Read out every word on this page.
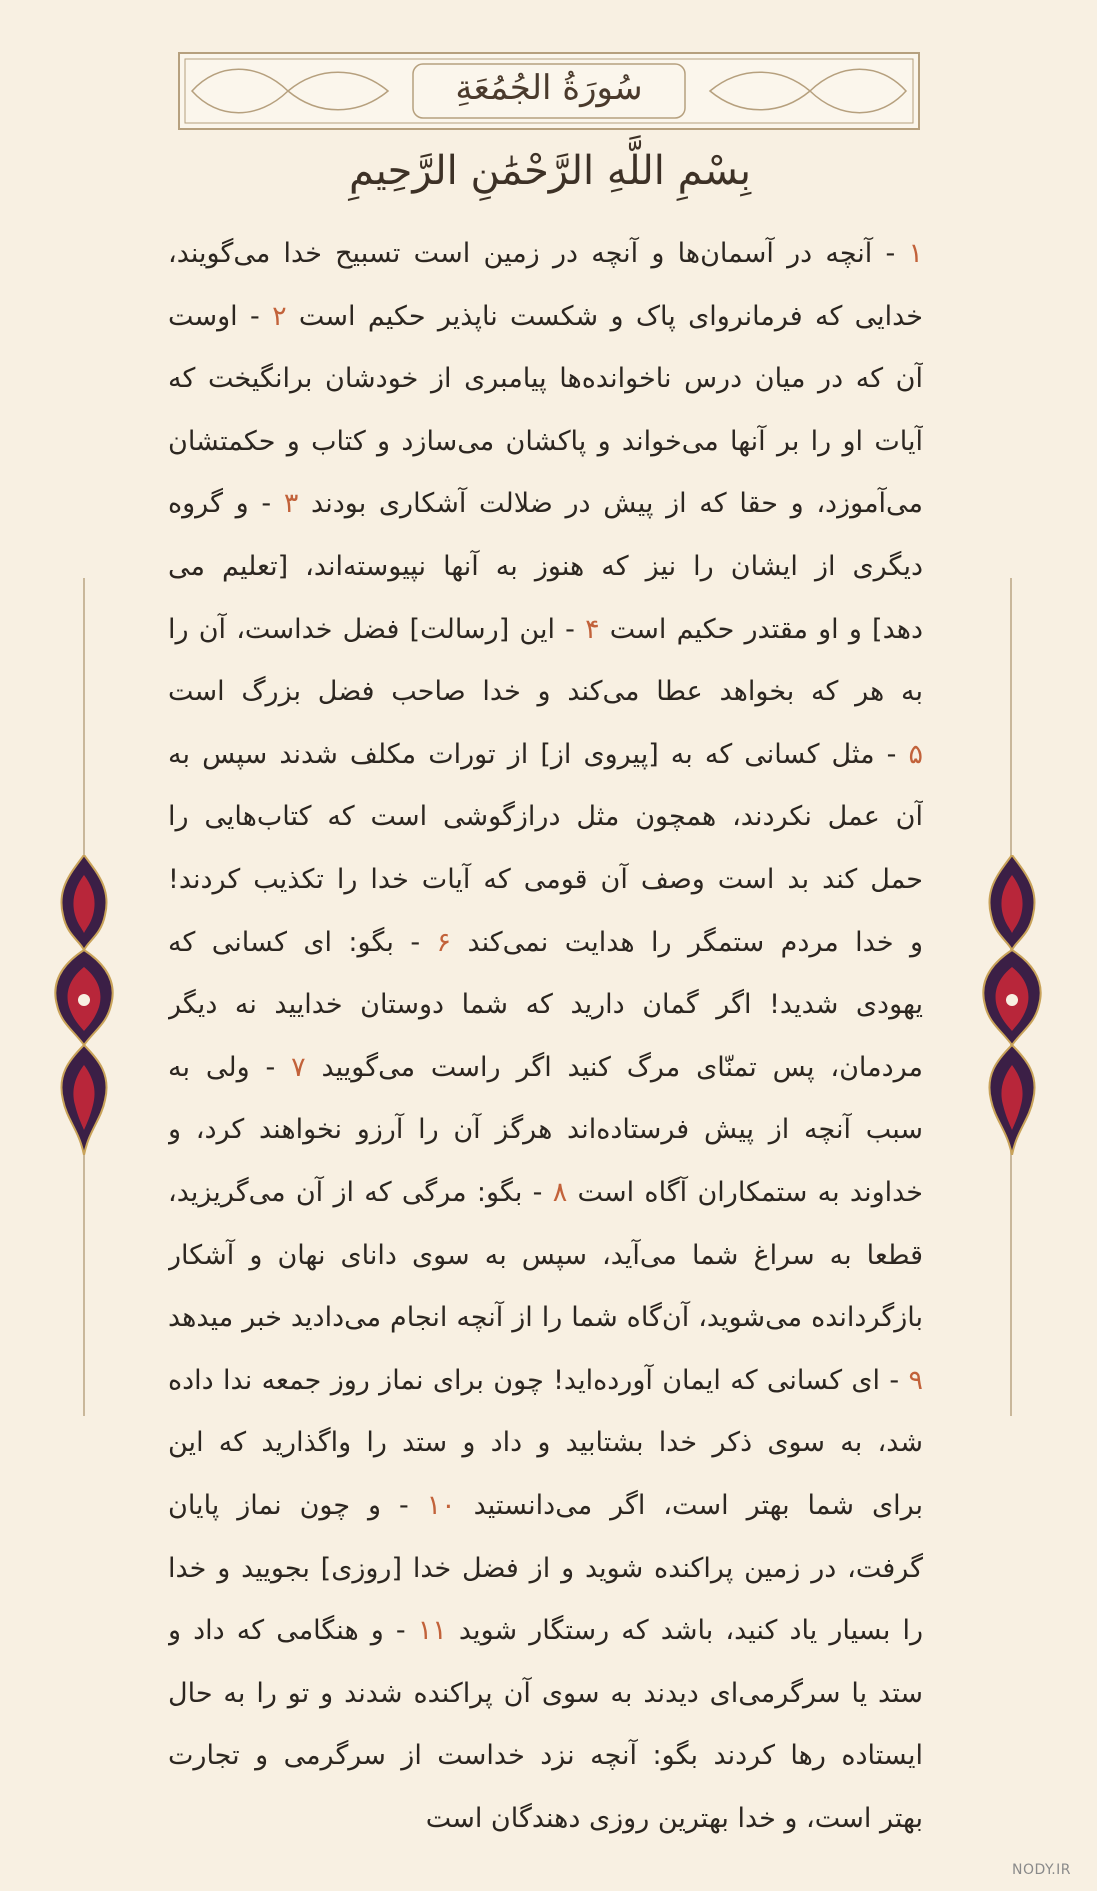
سُورَةُ الجُمُعَةِ
بِسْمِ اللَّهِ الرَّحْمَٰنِ الرَّحِيمِ
۱ - آنچه در آسمان‌ها و آنچه در زمین است تسبیح خدا می‌گویند،
خدایی که فرمانروای پاک و شکست ناپذیر حکیم است ۲ - اوست
آن که در میان درس ناخوانده‌ها پیامبری از خودشان برانگیخت که
آیات او را بر آنها می‌خواند و پاکشان می‌سازد و کتاب و حکمتشان
می‌آموزد، و حقا که از پیش در ضلالت آشکاری بودند ۳ - و گروه
دیگری از ایشان را نیز که هنوز به آنها نپیوسته‌اند، [تعلیم می
دهد] و او مقتدر حکیم است ۴ - این [رسالت] فضل خداست، آن را
به هر که بخواهد عطا می‌کند و خدا صاحب فضل بزرگ است
۵ - مثل کسانی که به [پیروی از] از تورات مکلف شدند سپس به
آن عمل نکردند، همچون مثل درازگوشی است که کتاب‌هایی را
حمل کند بد است وصف آن قومی که آیات خدا را تکذیب کردند!
و خدا مردم ستمگر را هدایت نمی‌کند ۶ - بگو: ای کسانی که
یهودی شدید! اگر گمان دارید که شما دوستان خدایید نه دیگر
مردمان، پس تمنّای مرگ کنید اگر راست می‌گویید ۷ - ولی به
سبب آنچه از پیش فرستاده‌اند هرگز آن را آرزو نخواهند کرد، و
خداوند به ستمکاران آگاه است ۸ - بگو: مرگی که از آن می‌گریزید،
قطعا به سراغ شما می‌آید، سپس به سوی دانای نهان و آشکار
بازگردانده می‌شوید، آن‌گاه شما را از آنچه انجام می‌دادید خبر میدهد
۹ - ای کسانی که ایمان آورده‌اید! چون برای نماز روز جمعه ندا داده
شد، به سوی ذکر خدا بشتابید و داد و ستد را واگذارید که این
برای شما بهتر است، اگر می‌دانستید ۱۰ - و چون نماز پایان
گرفت، در زمین پراکنده شوید و از فضل خدا [روزی] بجویید و خدا
را بسیار یاد کنید، باشد که رستگار شوید ۱۱ - و هنگامی که داد و
ستد یا سرگرمی‌ای دیدند به سوی آن پراکنده شدند و تو را به حال
ایستاده رها کردند بگو: آنچه نزد خداست از سرگرمی و تجارت
بهتر است، و خدا بهترین روزی دهندگان است
NODY.IR
